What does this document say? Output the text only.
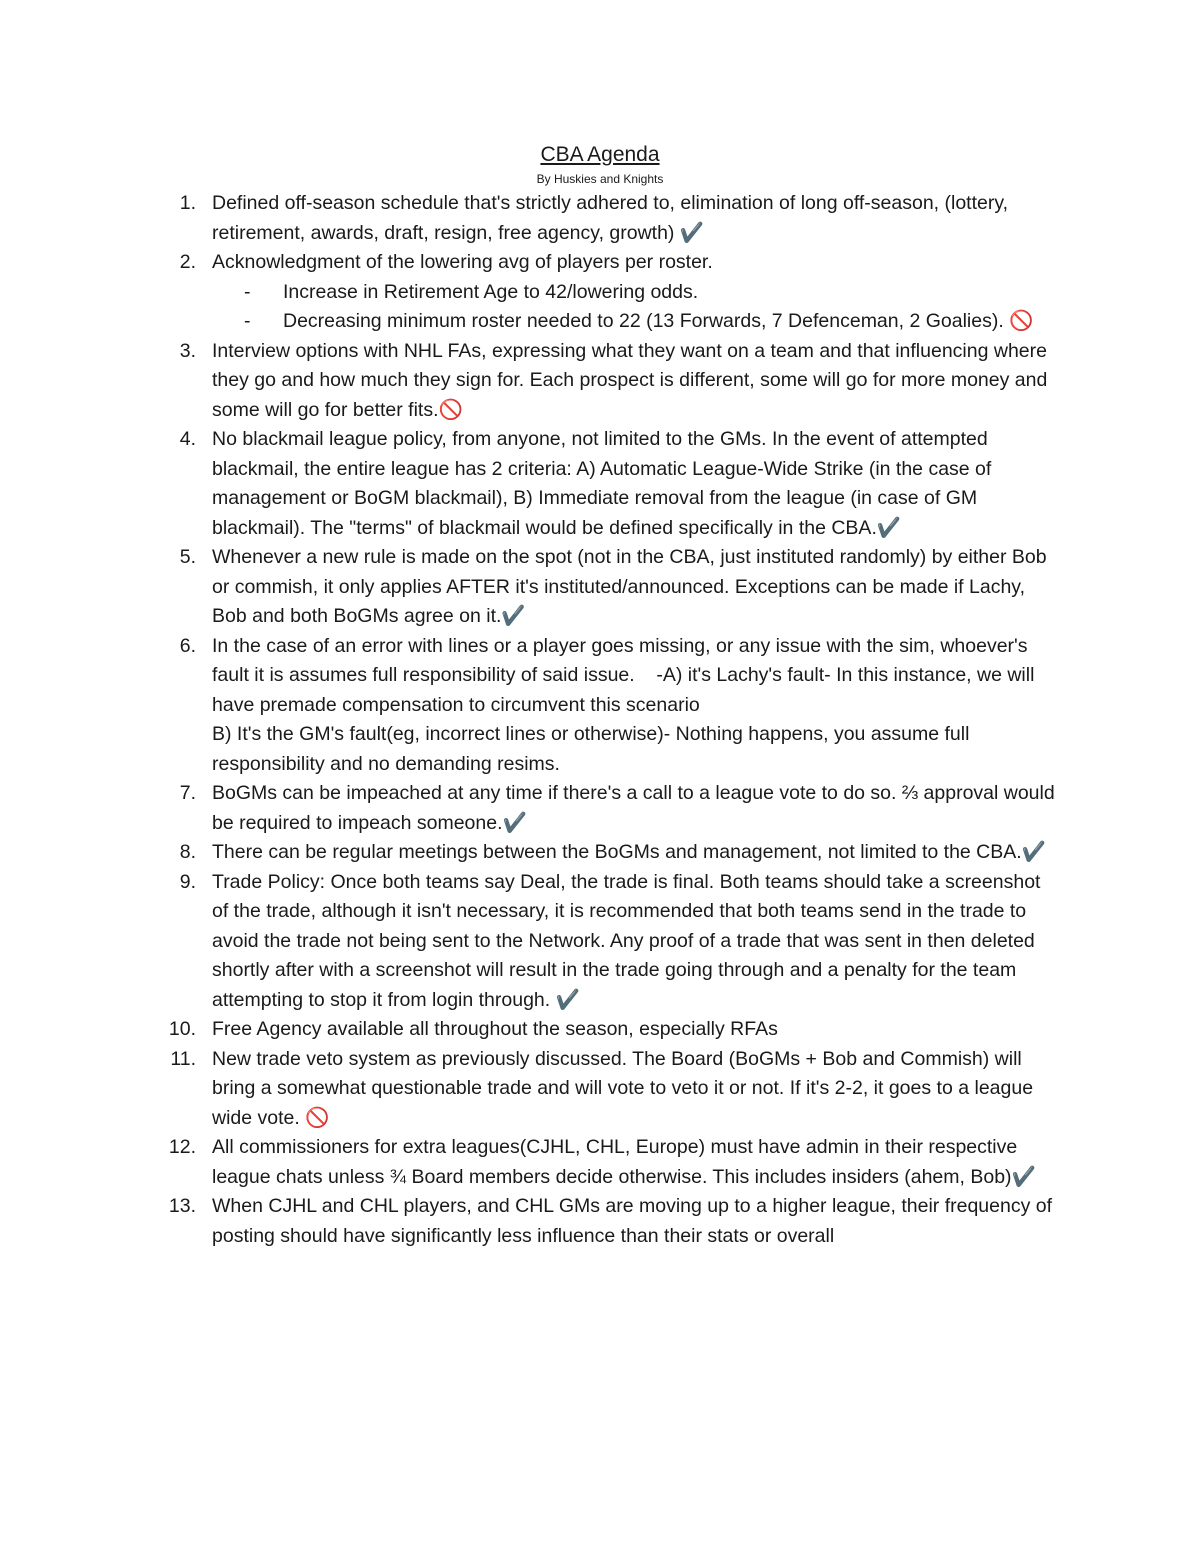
CBA Agenda
By Huskies and Knights
1. Defined off-season schedule that's strictly adhered to, elimination of long off-season, (lottery, retirement, awards, draft, resign, free agency, growth) ✔️
2. Acknowledgment of the lowering avg of players per roster.
- Increase in Retirement Age to 42/lowering odds.
- Decreasing minimum roster needed to 22 (13 Forwards, 7 Defenceman, 2 Goalies). 🚫
3. Interview options with NHL FAs, expressing what they want on a team and that influencing where they go and how much they sign for. Each prospect is different, some will go for more money and some will go for better fits.🚫
4. No blackmail league policy, from anyone, not limited to the GMs. In the event of attempted blackmail, the entire league has 2 criteria: A) Automatic League-Wide Strike (in the case of management or BoGM blackmail), B) Immediate removal from the league (in case of GM blackmail). The "terms" of blackmail would be defined specifically in the CBA.✔️
5. Whenever a new rule is made on the spot (not in the CBA, just instituted randomly) by either Bob or commish, it only applies AFTER it's instituted/announced. Exceptions can be made if Lachy, Bob and both BoGMs agree on it.✔️
6. In the case of an error with lines or a player goes missing, or any issue with the sim, whoever's fault it is assumes full responsibility of said issue.    -A) it's Lachy's fault- In this instance, we will have premade compensation to circumvent this scenario
B) It's the GM's fault(eg, incorrect lines or otherwise)- Nothing happens, you assume full responsibility and no demanding resims.
7. BoGMs can be impeached at any time if there's a call to a league vote to do so. ⅔ approval would be required to impeach someone.✔️
8. There can be regular meetings between the BoGMs and management, not limited to the CBA.✔️
9. Trade Policy: Once both teams say Deal, the trade is final. Both teams should take a screenshot of the trade, although it isn't necessary, it is recommended that both teams send in the trade to avoid the trade not being sent to the Network. Any proof of a trade that was sent in then deleted shortly after with a screenshot will result in the trade going through and a penalty for the team attempting to stop it from login through. ✔️
10. Free Agency available all throughout the season, especially RFAs
11. New trade veto system as previously discussed. The Board (BoGMs + Bob and Commish) will bring a somewhat questionable trade and will vote to veto it or not. If it's 2-2, it goes to a league wide vote. 🚫
12. All commissioners for extra leagues(CJHL, CHL, Europe) must have admin in their respective league chats unless ¾ Board members decide otherwise. This includes insiders (ahem, Bob)✔️
13. When CJHL and CHL players, and CHL GMs are moving up to a higher league, their frequency of posting should have significantly less influence than their stats or overall
